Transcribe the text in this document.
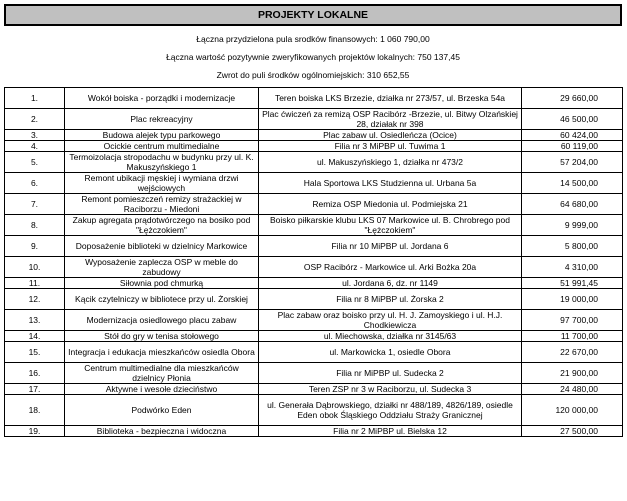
PROJEKTY LOKALNE
Łączna przydzielona pula srodków finansowych: 1 060 790,00
Łączna wartość pozytywnie zweryfikowanych projektów lokalnych: 750 137,45
Zwrot do puli środków ogólnomiejskich: 310 652,55
1.	Wokół boiska - porządki i modernizacje	Teren boiska LKS Brzezie, działka nr 273/57, ul. Brzeska 54a	29 660,00
2.	Plac rekreacyjny	Plac ćwiczeń za remizą OSP Racibórz -Brzezie, ul. Bitwy Olzańskiej 28, działak nr 398	46 500,00
3.	Budowa alejek typu parkowego	Plac zabaw ul. Osiedleńcza (Ocice)	60 424,00
4.	Ocickie centrum multimedialne	Filia nr 3 MiPBP ul. Tuwima 1	60 119,00
5.	Termoizolacja stropodachu w budynku przy ul. K. Makuszyńskiego 1	ul. Makuszyńskiego 1, działka nr 473/2	57 204,00
6.	Remont ubikacji męskiej i wymiana drzwi wejściowych	Hala Sportowa LKS Studzienna ul. Urbana 5a	14 500,00
7.	Remont pomieszczeń remizy strażackiej w Raciborzu - Miedoni	Remiza OSP Miedonia ul. Podmiejska 21	64 680,00
8.	Zakup agregata prądotwórczego na bosiko pod "Łężczokiem"	Boisko piłkarskie klubu LKS 07 Markowice ul. B. Chrobrego pod "Łężczokiem"	9 999,00
9.	Doposażenie biblioteki w dzielnicy Markowice	Filia nr 10 MiPBP ul. Jordana 6	5 800,00
10.	Wyposażenie zaplecza OSP w meble do zabudowy	OSP Racibórz - Markowice ul. Arki Bożka 20a	4 310,00
11.	Siłownia pod chmurką	ul. Jordana 6, dz. nr 1149	51 991,45
12.	Kącik czytelniczy w bibliotece przy ul. Żorskiej	Filia nr 8 MiPBP ul. Żorska 2	19 000,00
13.	Modernizacja osiedlowego placu zabaw	Plac zabaw oraz boisko przy ul. H. J. Zamoyskiego i ul. H.J. Chodkiewicza	97 700,00
14.	Stół do gry w tenisa stołowego	ul. Miechowska, działka nr 3145/63	11 700,00
15.	Integracja i edukacja mieszkańców osiedla Obora	ul. Markowicka 1, osiedle Obora	22 670,00
16.	Centrum multimedialne dla mieszkańców dzielnicy Płonia	Filia nr MiPBP ul. Sudecka 2	21 900,00
17.	Aktywne i wesołe dzieciństwo	Teren ZSP nr 3 w Raciborzu, ul. Sudecka 3	24 480,00
18.	Podwórko Eden	ul. Generała Dąbrowskiego, działki nr 488/189, 4826/189, osiedle Eden obok Śląskiego Oddziału Straży Granicznej	120 000,00
19.	Biblioteka - bezpieczna i widoczna	Filia nr 2 MiPBP ul. Bielska 12	27 500,00
